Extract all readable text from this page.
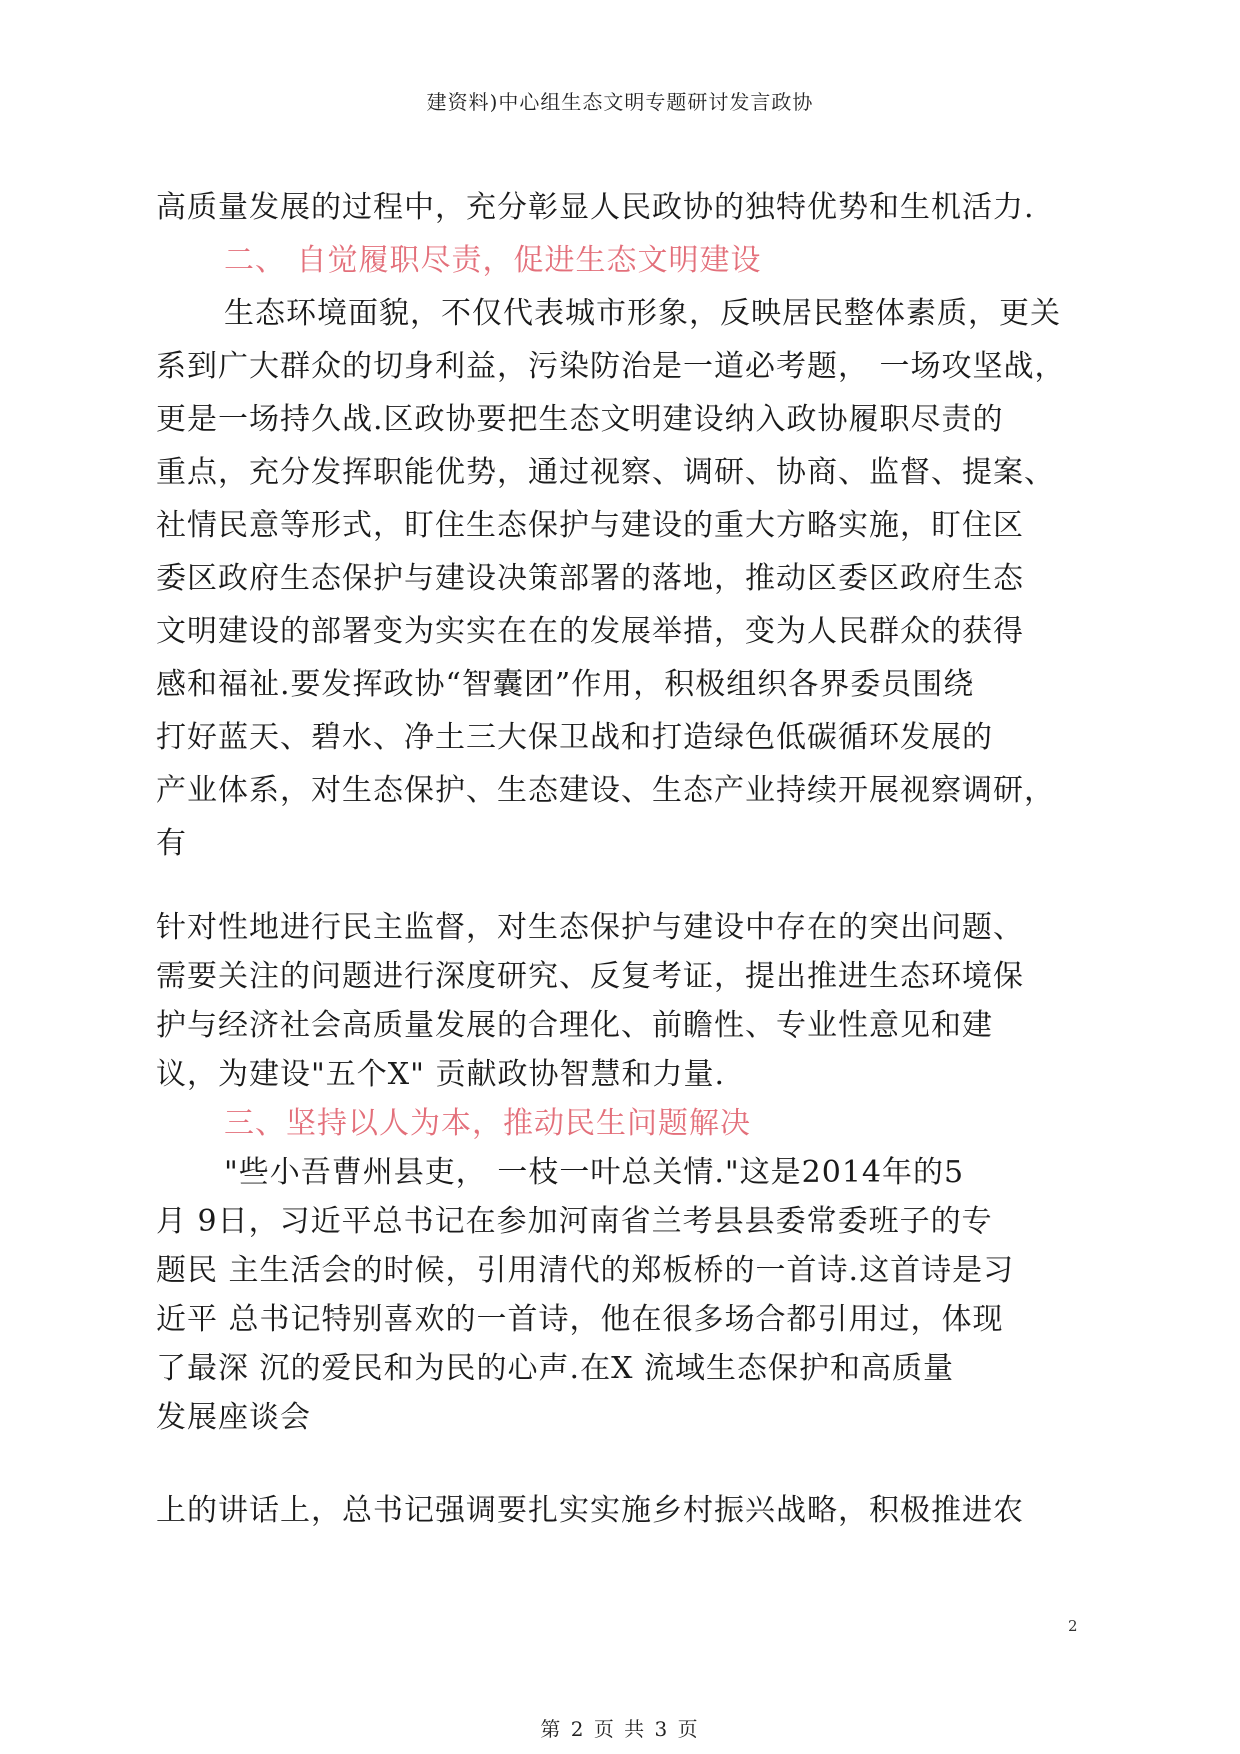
建资料)中心组生态文明专题研讨发言政协

高质量发展的过程中，充分彰显人民政协的独特优势和生机活力.

二、 自觉履职尽责，促进生态文明建设

生态环境面貌，不仅代表城市形象，反映居民整体素质，更关

系到广大群众的切身利益，污染防治是一道必考题， 一场攻坚战，

更是一场持久战.区政协要把生态文明建设纳入政协履职尽责的

重点，充分发挥职能优势，通过视察、调研、协商、监督、提案、

社情民意等形式，盯住生态保护与建设的重大方略实施，盯住区

委区政府生态保护与建设决策部署的落地，推动区委区政府生态

文明建设的部署变为实实在在的发展举措，变为人民群众的获得

感和福祉.要发挥政协“智囊团”作用，积极组织各界委员围绕

打好蓝天、碧水、净土三大保卫战和打造绿色低碳循环发展的

产业体系，对生态保护、生态建设、生态产业持续开展视察调研，

有

针对性地进行民主监督，对生态保护与建设中存在的突出问题、

需要关注的问题进行深度研究、反复考证，提出推进生态环境保

护与经济社会高质量发展的合理化、前瞻性、专业性意见和建

议，为建设"五个X" 贡献政协智慧和力量.

三、坚持以人为本，推动民生问题解决

"些小吾曹州县吏， 一枝一叶总关情."这是2014年的5

月 9日，习近平总书记在参加河南省兰考县县委常委班子的专

题民 主生活会的时候，引用清代的郑板桥的一首诗.这首诗是习

近平 总书记特别喜欢的一首诗，他在很多场合都引用过，体现

了最深 沉的爱民和为民的心声.在X 流域生态保护和高质量

发展座谈会

上的讲话上，总书记强调要扎实实施乡村振兴战略，积极推进农

2
第 2 页 共 3 页
